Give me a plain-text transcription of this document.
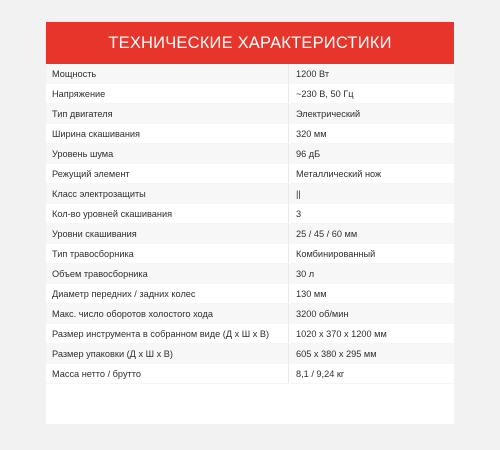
ТЕХНИЧЕСКИЕ ХАРАКТЕРИСТИКИ
Мощность	1200 Вт
Напряжение	~230 В, 50 Гц
Тип двигателя	Электрический
Ширина скашивания	320 мм
Уровень шума	96 дБ
Режущий элемент	Металлический нож
Класс электрозащиты	||
Кол-во уровней скашивания	3
Уровни скашивания	25 / 45 / 60 мм
Тип травосборника	Комбинированный
Объем травосборника	30 л
Диаметр передних / задних колес	130 мм
Макс. число оборотов холостого хода	3200 об/мин
Размер инструмента в собранном виде (Д х Ш х В)	1020 х 370 х 1200 мм
Размер упаковки (Д х Ш х В)	605 х 380 х 295 мм
Масса нетто / брутто	8,1 / 9,24 кг
